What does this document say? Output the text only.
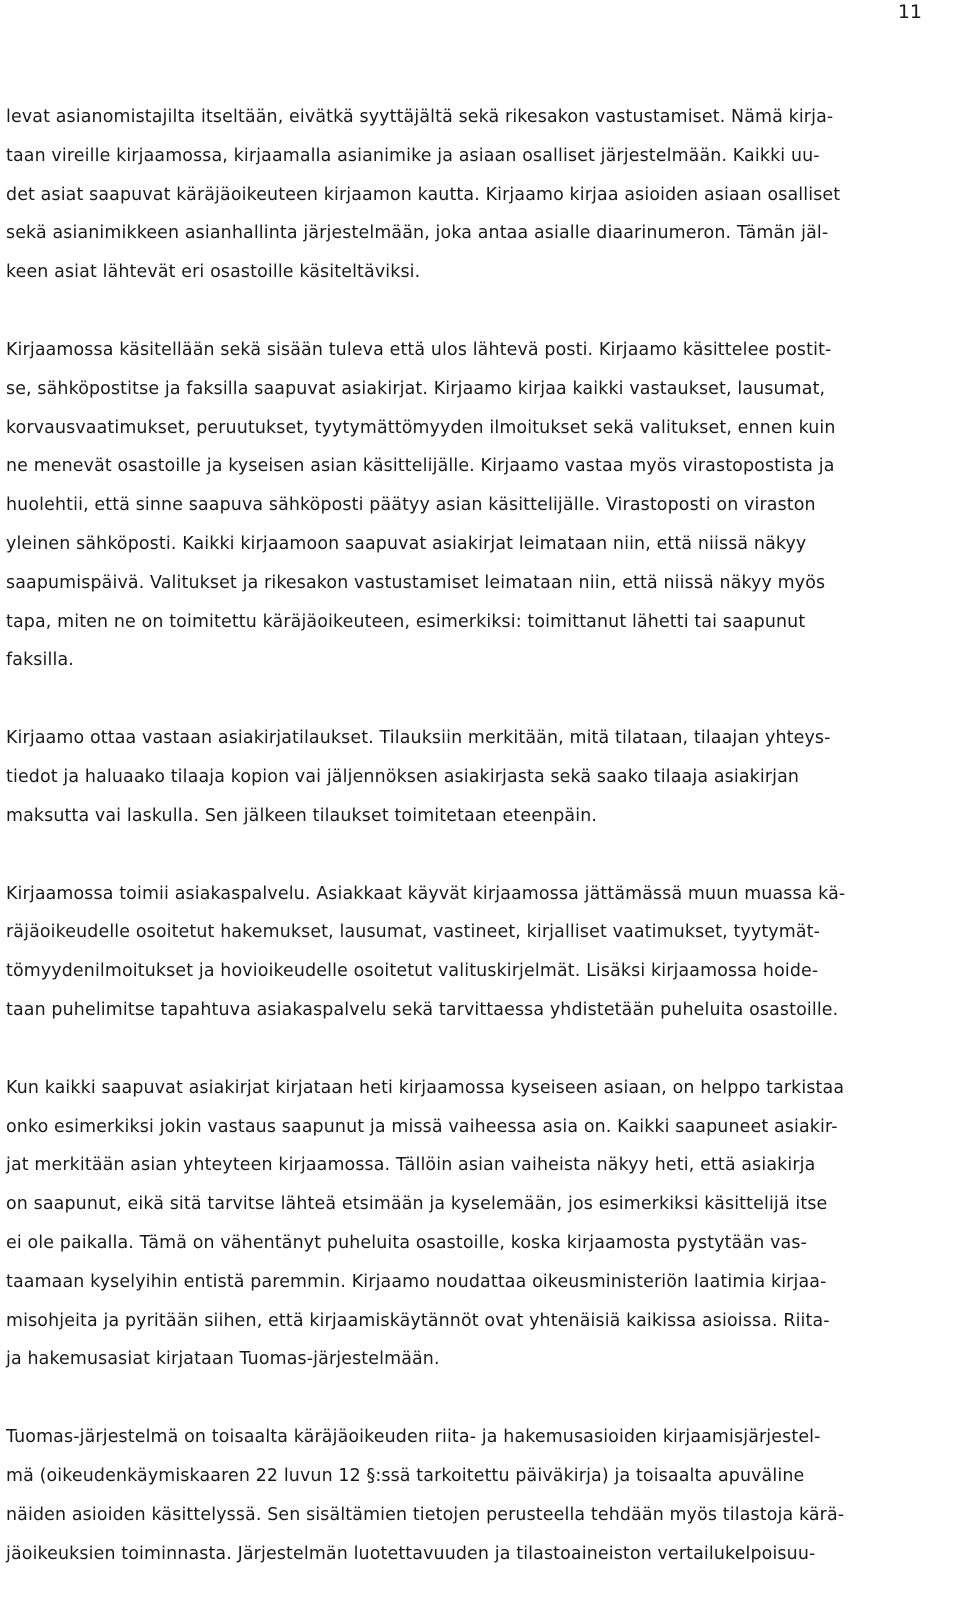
11

levat asianomistajilta itseltään, eivätkä syyttäjältä sekä rikesakon vastustamiset. Nämä kirja-
taan vireille kirjaamossa, kirjaamalla asianimike ja asiaan osalliset järjestelmään. Kaikki uu-
det asiat saapuvat käräjäoikeuteen kirjaamon kautta. Kirjaamo kirjaa asioiden asiaan osalliset
sekä asianimikkeen asianhallinta järjestelmään, joka antaa asialle diaarinumeron. Tämän jäl-
keen asiat lähtevät eri osastoille käsiteltäviksi.

Kirjaamossa käsitellään sekä sisään tuleva että ulos lähtevä posti. Kirjaamo käsittelee postit-
se, sähköpostitse ja faksilla saapuvat asiakirjat. Kirjaamo kirjaa kaikki vastaukset, lausumat,
korvausvaatimukset, peruutukset, tyytymättömyyden ilmoitukset sekä valitukset, ennen kuin
ne menevät osastoille ja kyseisen asian käsittelijälle. Kirjaamo vastaa myös virastopostista ja
huolehtii, että sinne saapuva sähköposti päätyy asian käsittelijälle. Virastoposti on viraston
yleinen sähköposti. Kaikki kirjaamoon saapuvat asiakirjat leimataan niin, että niissä näkyy
saapumispäivä. Valitukset ja rikesakon vastustamiset leimataan niin, että niissä näkyy myös
tapa, miten ne on toimitettu käräjäoikeuteen, esimerkiksi: toimittanut lähetti tai saapunut
faksilla.

Kirjaamo ottaa vastaan asiakirjatilaukset. Tilauksiin merkitään, mitä tilataan, tilaajan yhteys-
tiedot ja haluaako tilaaja kopion vai jäljennöksen asiakirjasta sekä saako tilaaja asiakirjan
maksutta vai laskulla. Sen jälkeen tilaukset toimitetaan eteenpäin.

Kirjaamossa toimii asiakaspalvelu. Asiakkaat käyvät kirjaamossa jättämässä muun muassa kä-
räjäoikeudelle osoitetut hakemukset, lausumat, vastineet, kirjalliset vaatimukset, tyytymät-
tömyydenilmoitukset ja hovioikeudelle osoitetut valituskirjelmät. Lisäksi kirjaamossa hoide-
taan puhelimitse tapahtuva asiakaspalvelu sekä tarvittaessa yhdistetään puheluita osastoille.

Kun kaikki saapuvat asiakirjat kirjataan heti kirjaamossa kyseiseen asiaan, on helppo tarkistaa
onko esimerkiksi jokin vastaus saapunut ja missä vaiheessa asia on. Kaikki saapuneet asiakir-
jat merkitään asian yhteyteen kirjaamossa. Tällöin asian vaiheista näkyy heti, että asiakirja
on saapunut, eikä sitä tarvitse lähteä etsimään ja kyselemään, jos esimerkiksi käsittelijä itse
ei ole paikalla. Tämä on vähentänyt puheluita osastoille, koska kirjaamosta pystytään vas-
taamaan kyselyihin entistä paremmin. Kirjaamo noudattaa oikeusministeriön laatimia kirjaa-
misohjeita ja pyritään siihen, että kirjaamiskäytännöt ovat yhtenäisiä kaikissa asioissa. Riita-
ja hakemusasiat kirjataan Tuomas-järjestelmään.

Tuomas-järjestelmä on toisaalta käräjäoikeuden riita- ja hakemusasioiden kirjaamisjärjestel-
mä (oikeudenkäymiskaaren 22 luvun 12 §:ssä tarkoitettu päiväkirja) ja toisaalta apuväline
näiden asioiden käsittelyssä. Sen sisältämien tietojen perusteella tehdään myös tilastoja kärä-
jäoikeuksien toiminnasta. Järjestelmän luotettavuuden ja tilastoaineiston vertailukelpoisuu-
